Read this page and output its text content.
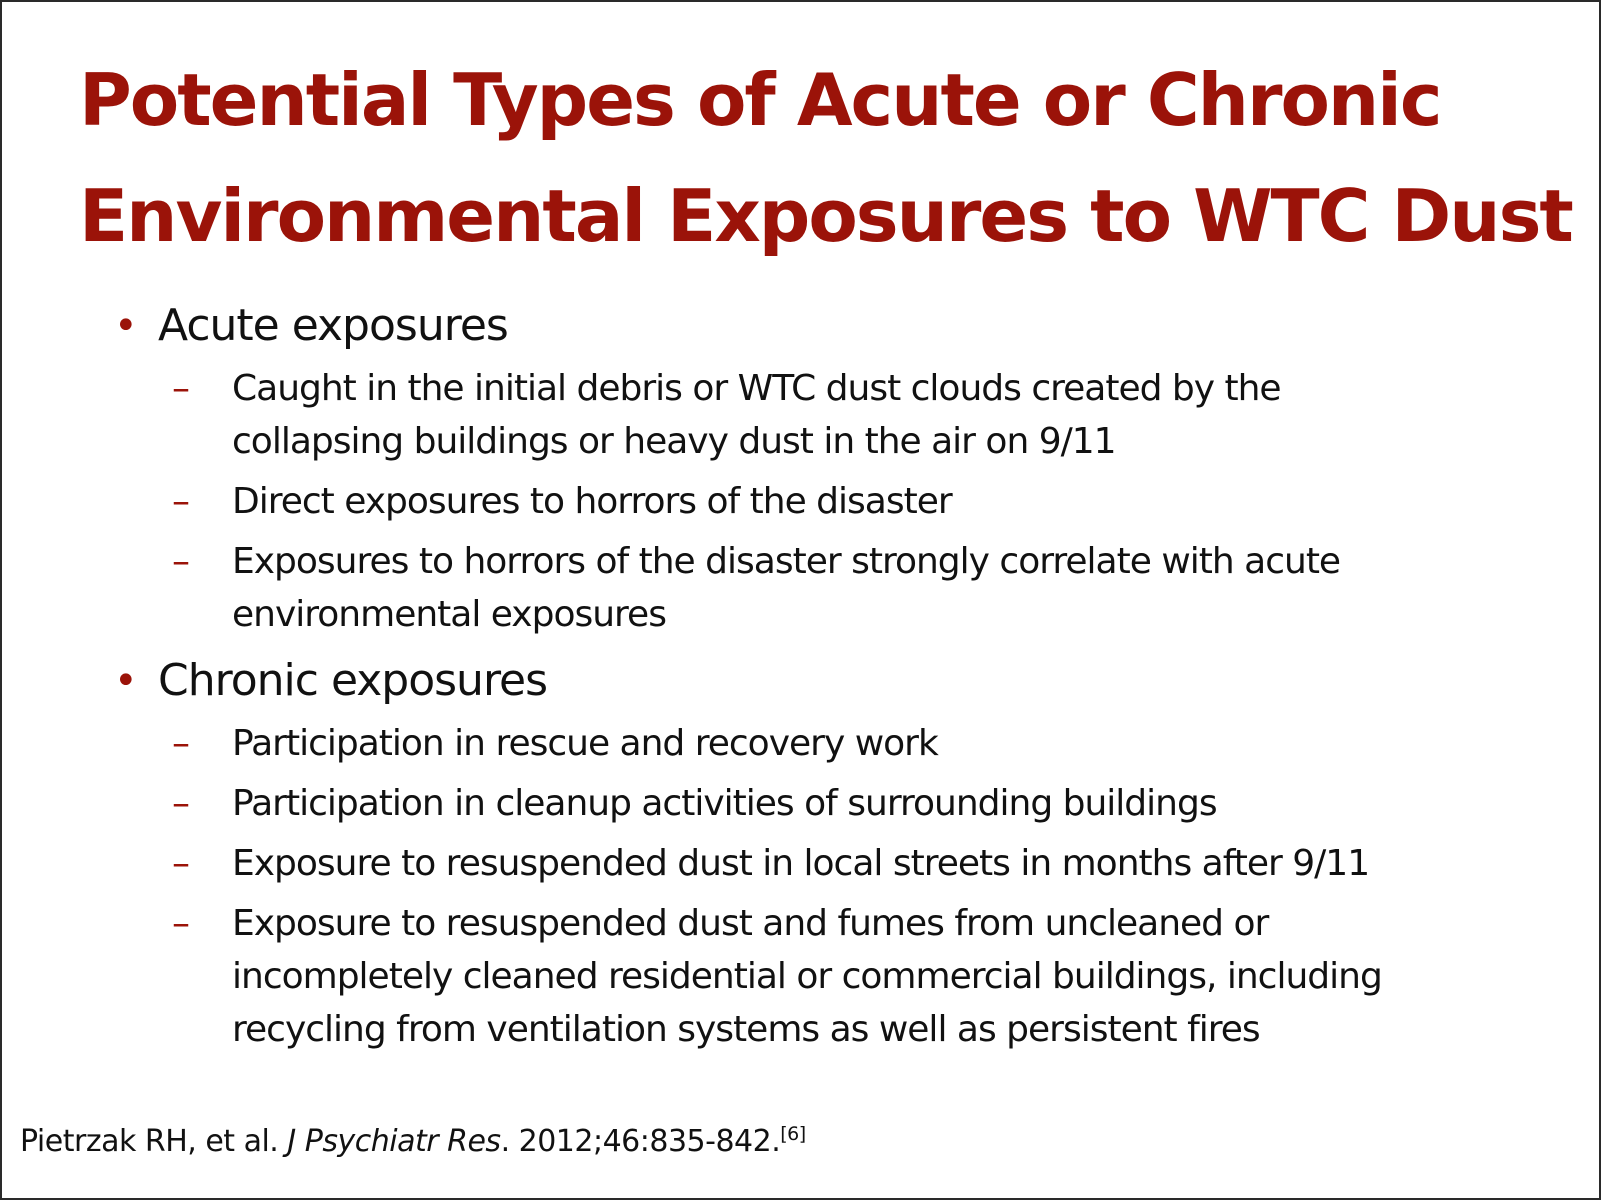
Potential Types of Acute or Chronic
Environmental Exposures to WTC Dust
• Acute exposures
– Caught in the initial debris or WTC dust clouds created by the
collapsing buildings or heavy dust in the air on 9/11
– Direct exposures to horrors of the disaster
– Exposures to horrors of the disaster strongly correlate with acute
environmental exposures
• Chronic exposures
– Participation in rescue and recovery work
– Participation in cleanup activities of surrounding buildings
– Exposure to resuspended dust in local streets in months after 9/11
– Exposure to resuspended dust and fumes from uncleaned or
incompletely cleaned residential or commercial buildings, including
recycling from ventilation systems as well as persistent fires
Pietrzak RH, et al. J Psychiatr Res. 2012;46:835-842.[6]
